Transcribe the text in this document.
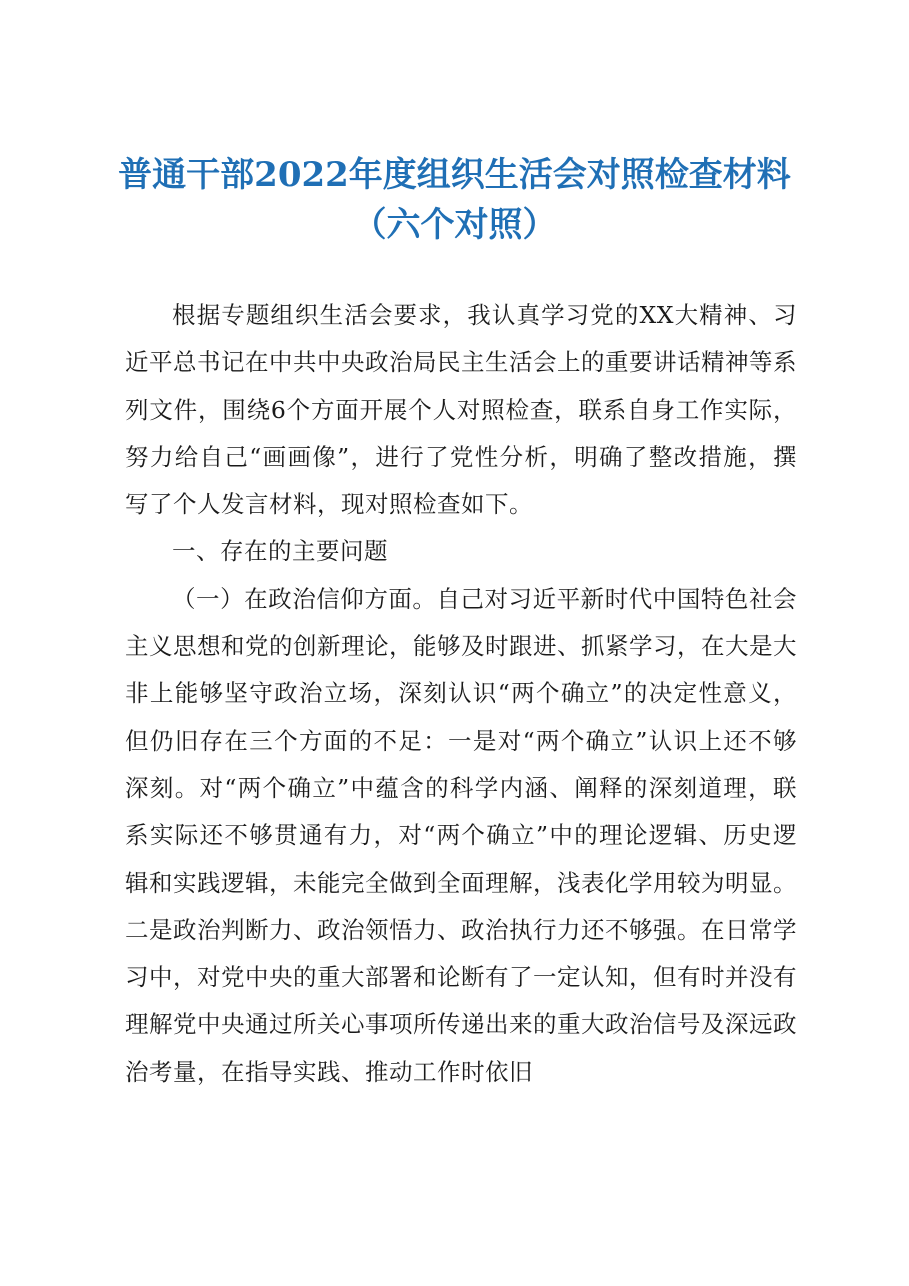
普通干部2022年度组织生活会对照检查材料
（六个对照）

根据专题组织生活会要求，我认真学习党的XX大精神、习近平总书记在中共中央政治局民主生活会上的重要讲话精神等系列文件，围绕6个方面开展个人对照检查，联系自身工作实际，努力给自己“画画像”，进行了党性分析，明确了整改措施，撰写了个人发言材料，现对照检查如下。

一、存在的主要问题

（一）在政治信仰方面。自己对习近平新时代中国特色社会主义思想和党的创新理论，能够及时跟进、抓紧学习，在大是大非上能够坚守政治立场，深刻认识“两个确立”的决定性意义，但仍旧存在三个方面的不足：一是对“两个确立”认识上还不够深刻。对“两个确立”中蕴含的科学内涵、阐释的深刻道理，联系实际还不够贯通有力，对“两个确立”中的理论逻辑、历史逻辑和实践逻辑，未能完全做到全面理解，浅表化学用较为明显。二是政治判断力、政治领悟力、政治执行力还不够强。在日常学习中，对党中央的重大部署和论断有了一定认知，但有时并没有理解党中央通过所关心事项所传递出来的重大政治信号及深远政治考量，在指导实践、推动工作时依旧
